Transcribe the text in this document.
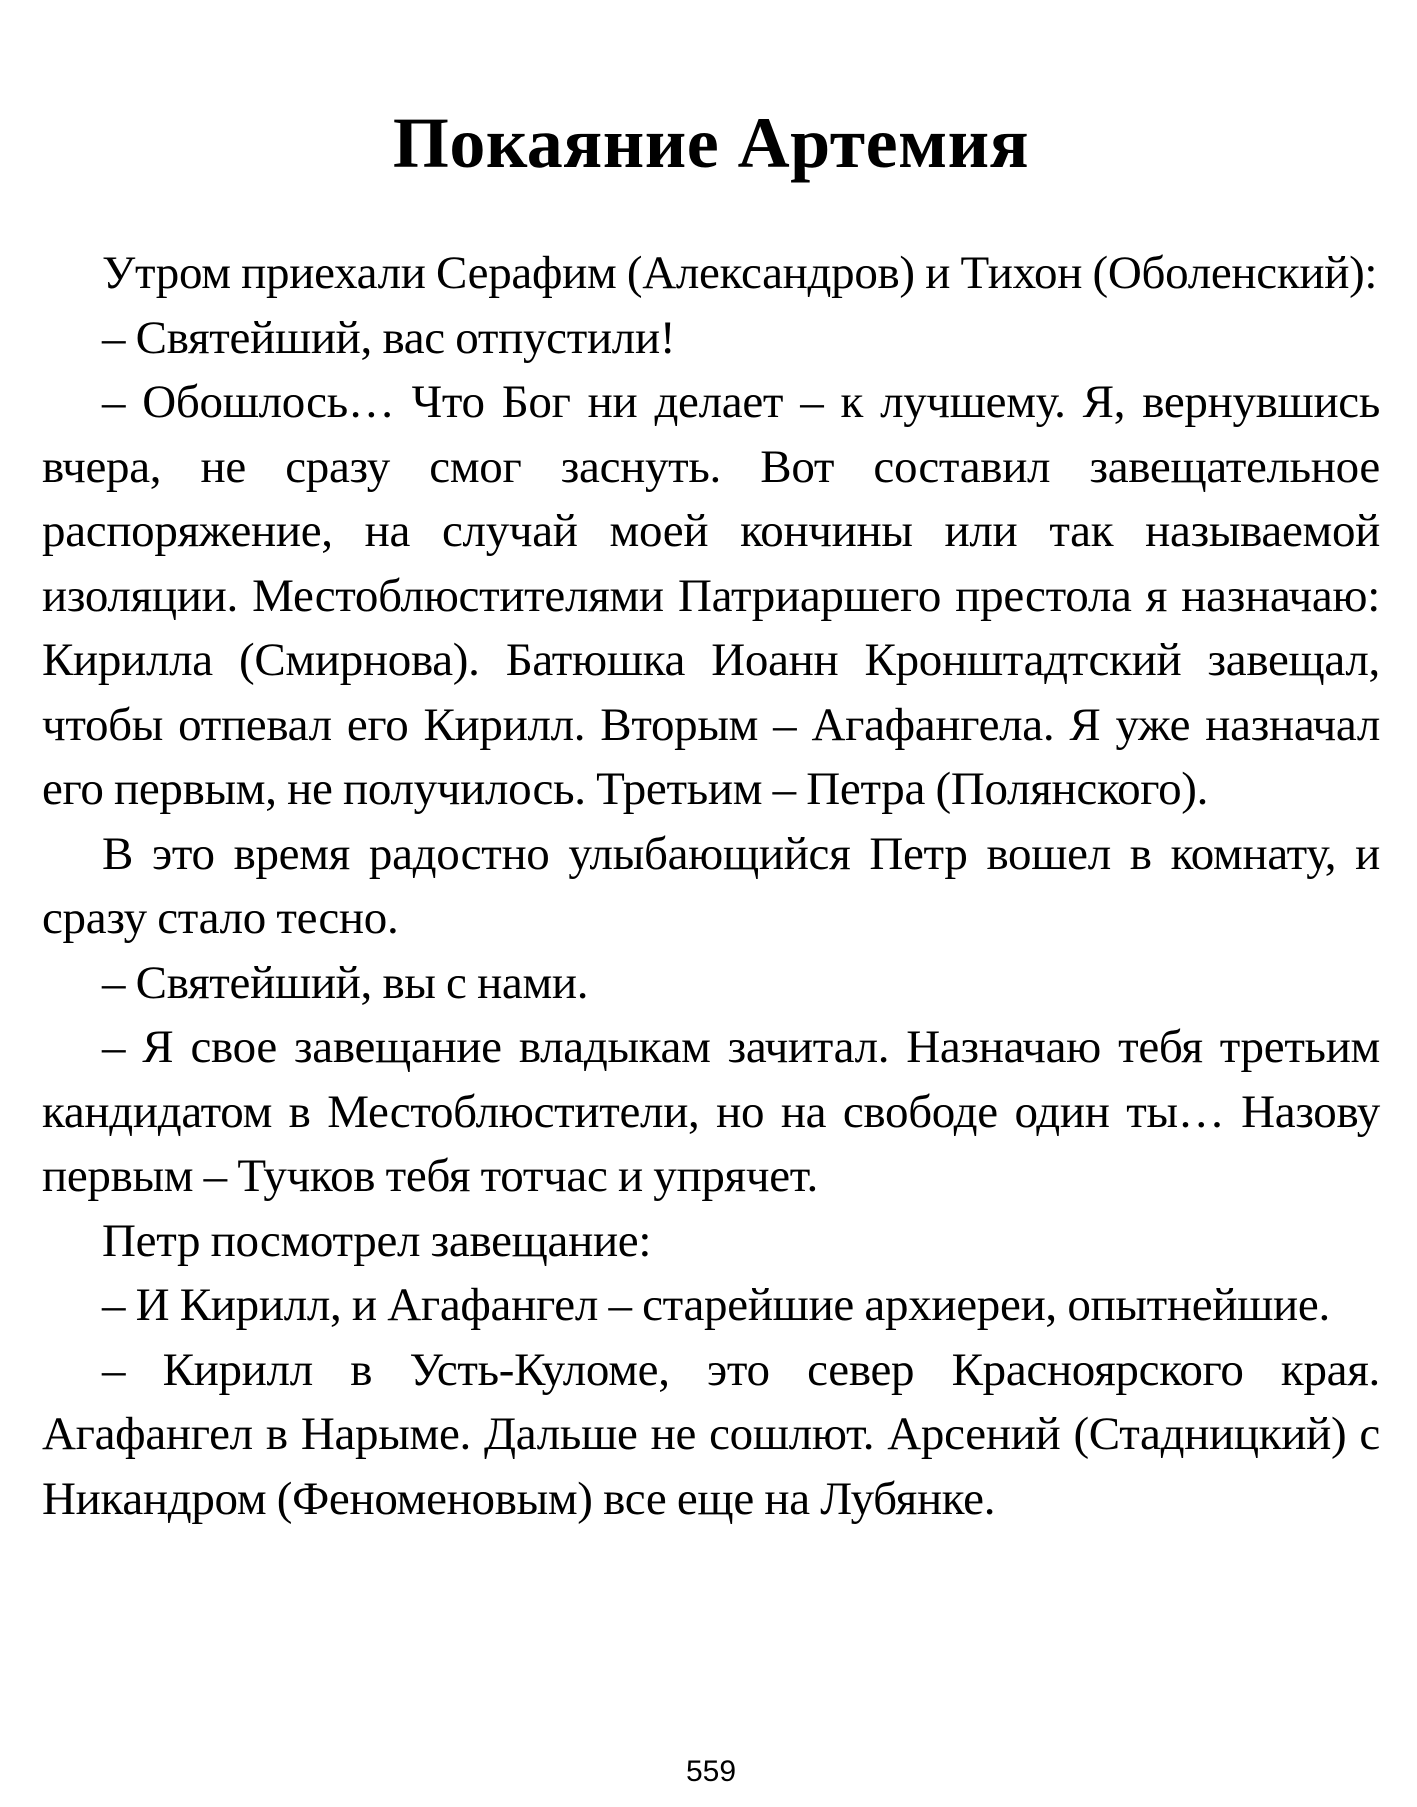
Покаяние Артемия

Утром приехали Серафим (Александров) и Тихон (Оболенский):

– Святейший, вас отпустили!

– Обошлось… Что Бог ни делает – к лучшему. Я, вернувшись вчера, не сразу смог заснуть. Вот составил завещательное распоряжение, на случай моей кончины или так называемой изоляции. Местоблюстителями Патриаршего престола я назначаю: Кирилла (Смирнова). Батюшка Иоанн Кронштадтский завещал, чтобы отпевал его Кирилл. Вторым – Агафангела. Я уже назначал его первым, не получилось. Третьим – Петра (Полянского).

В это время радостно улыбающийся Петр вошел в комнату, и сразу стало тесно.

– Святейший, вы с нами.

– Я свое завещание владыкам зачитал. Назначаю тебя третьим кандидатом в Местоблюстители, но на свободе один ты… Назову первым – Тучков тебя тотчас и упрячет.

Петр посмотрел завещание:

– И Кирилл, и Агафангел – старейшие архиереи, опытнейшие.

– Кирилл в Усть-Куломе, это север Красноярского края. Агафангел в Нарыме. Дальше не сошлют. Арсений (Стадницкий) с Никандром (Феноменовым) все еще на Лубянке.

559
